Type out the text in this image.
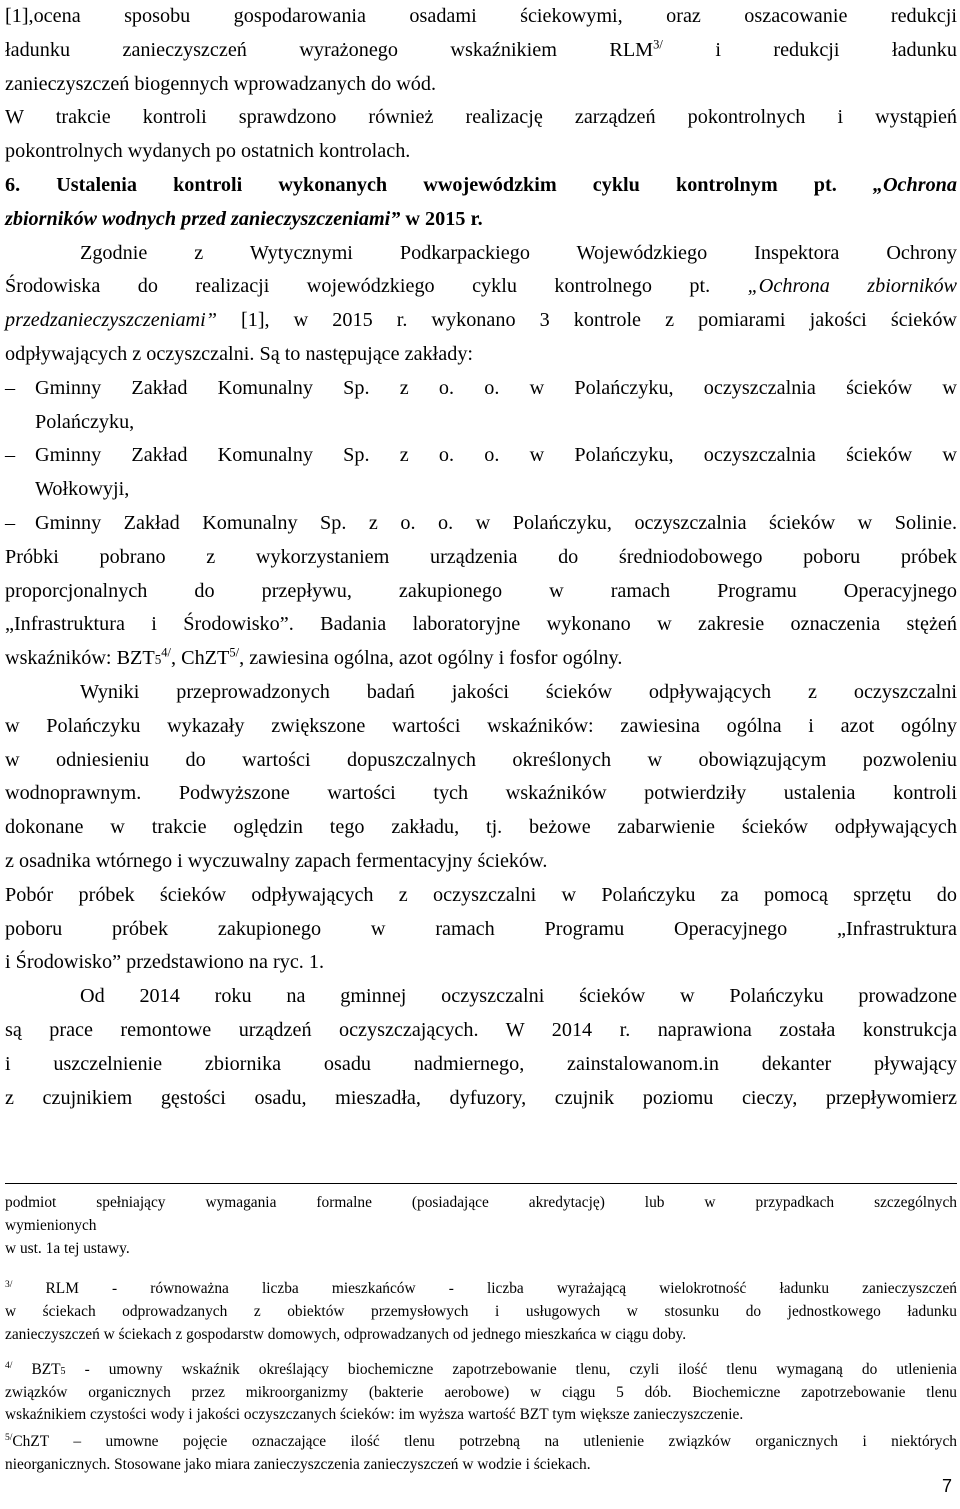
[1],ocena sposobu gospodarowania osadami ściekowymi, oraz oszacowanie redukcji
ładunku zanieczyszczeń wyrażonego wskaźnikiem $RLM^{3/}$ i redukcji ładunku
zanieczyszczeń biogennych wprowadzanych do wód.

W trakcie kontroli sprawdzono również realizację zarządzeń pokontrolnych i wystąpień
pokontrolnych wydanych po ostatnich kontrolach.

6. Ustalenia kontroli wykonanych wwojewódzkim cyklu kontrolnym pt. „Ochrona
zbiorników wodnych przed zanieczyszczeniami” w 2015 r.

Zgodnie z Wytycznymi Podkarpackiego Wojewódzkiego Inspektora Ochrony
Środowiska do realizacji wojewódzkiego cyklu kontrolnego pt. „Ochrona zbiorników
przedzanieczyszczeniami” [1], w 2015 r. wykonano 3 kontrole z pomiarami jakości ścieków
odpływających z oczyszczalni. Są to następujące zakłady:

– Gminny Zakład Komunalny Sp. z o. o. w Polańczyku, oczyszczalnia ścieków w
Polańczyku,
– Gminny Zakład Komunalny Sp. z o. o. w Polańczyku, oczyszczalnia ścieków w
Wołkowyji,
– Gminny Zakład Komunalny Sp. z o. o. w Polańczyku, oczyszczalnia ścieków w Solinie.

Próbki pobrano z wykorzystaniem urządzenia do średniodobowego poboru próbek
proporcjonalnych do przepływu, zakupionego w ramach Programu Operacyjnego
„Infrastruktura i Środowisko”. Badania laboratoryjne wykonano w zakresie oznaczenia stężeń
wskaźników: $BZT5^{4/}$, ChZT$^{5/}$, zawiesina ogólna, azot ogólny i fosfor ogólny.

Wyniki przeprowadzonych badań jakości ścieków odpływających z oczyszczalni
w Polańczyku wykazały zwiększone wartości wskaźników: zawiesina ogólna i azot ogólny
w odniesieniu do wartości dopuszczalnych określonych w obowiązującym pozwoleniu
wodnoprawnym. Podwyższone wartości tych wskaźników potwierdziły ustalenia kontroli
dokonane w trakcie oględzin tego zakładu, tj. beżowe zabarwienie ścieków odpływających
z osadnika wtórnego i wyczuwalny zapach fermentacyjny ścieków.

Pobór próbek ścieków odpływających z oczyszczalni w Polańczyku za pomocą sprzętu do
poboru próbek zakupionego w ramach Programu Operacyjnego „Infrastruktura
i Środowisko” przedstawiono na ryc. 1.

Od 2014 roku na gminnej oczyszczalni ścieków w Polańczyku prowadzone
są prace remontowe urządzeń oczyszczających. W 2014 r. naprawiona została konstrukcja
i uszczelnienie zbiornika osadu nadmiernego, zainstalowanom.in dekanter pływający
z czujnikiem gęstości osadu, mieszadła, dyfuzory, czujnik poziomu cieczy, przepływomierz

podmiot spełniający wymagania formalne (posiadające akredytację) lub w przypadkach szczególnych
wymienionych
w ust. 1a tej ustawy.

$^{3/}$ RLM - równoważna liczba mieszkańców - liczba wyrażającą wielokrotność ładunku zanieczyszczeń
w ściekach odprowadzanych z obiektów przemysłowych i usługowych w stosunku do jednostkowego ładunku
zanieczyszczeń w ściekach z gospodarstw domowych, odprowadzanych od jednego mieszkańca w ciągu doby.

$^{4/}$ BZT5 - umowny wskaźnik określający biochemiczne zapotrzebowanie tlenu, czyli ilość tlenu wymaganą do utlenienia
związków organicznych przez mikroorganizmy (bakterie aerobowe) w ciągu 5 dób. Biochemiczne zapotrzebowanie tlenu
wskaźnikiem czystości wody i jakości oczyszczanych ścieków: im wyższa wartość BZT tym większe zanieczyszczenie.

$^{5/}$ChZT – umowne pojęcie oznaczające ilość tlenu potrzebną na utlenienie związków organicznych i niektórych
nieorganicznych. Stosowane jako miara zanieczyszczenia zanieczyszczeń w wodzie i ściekach.

7
